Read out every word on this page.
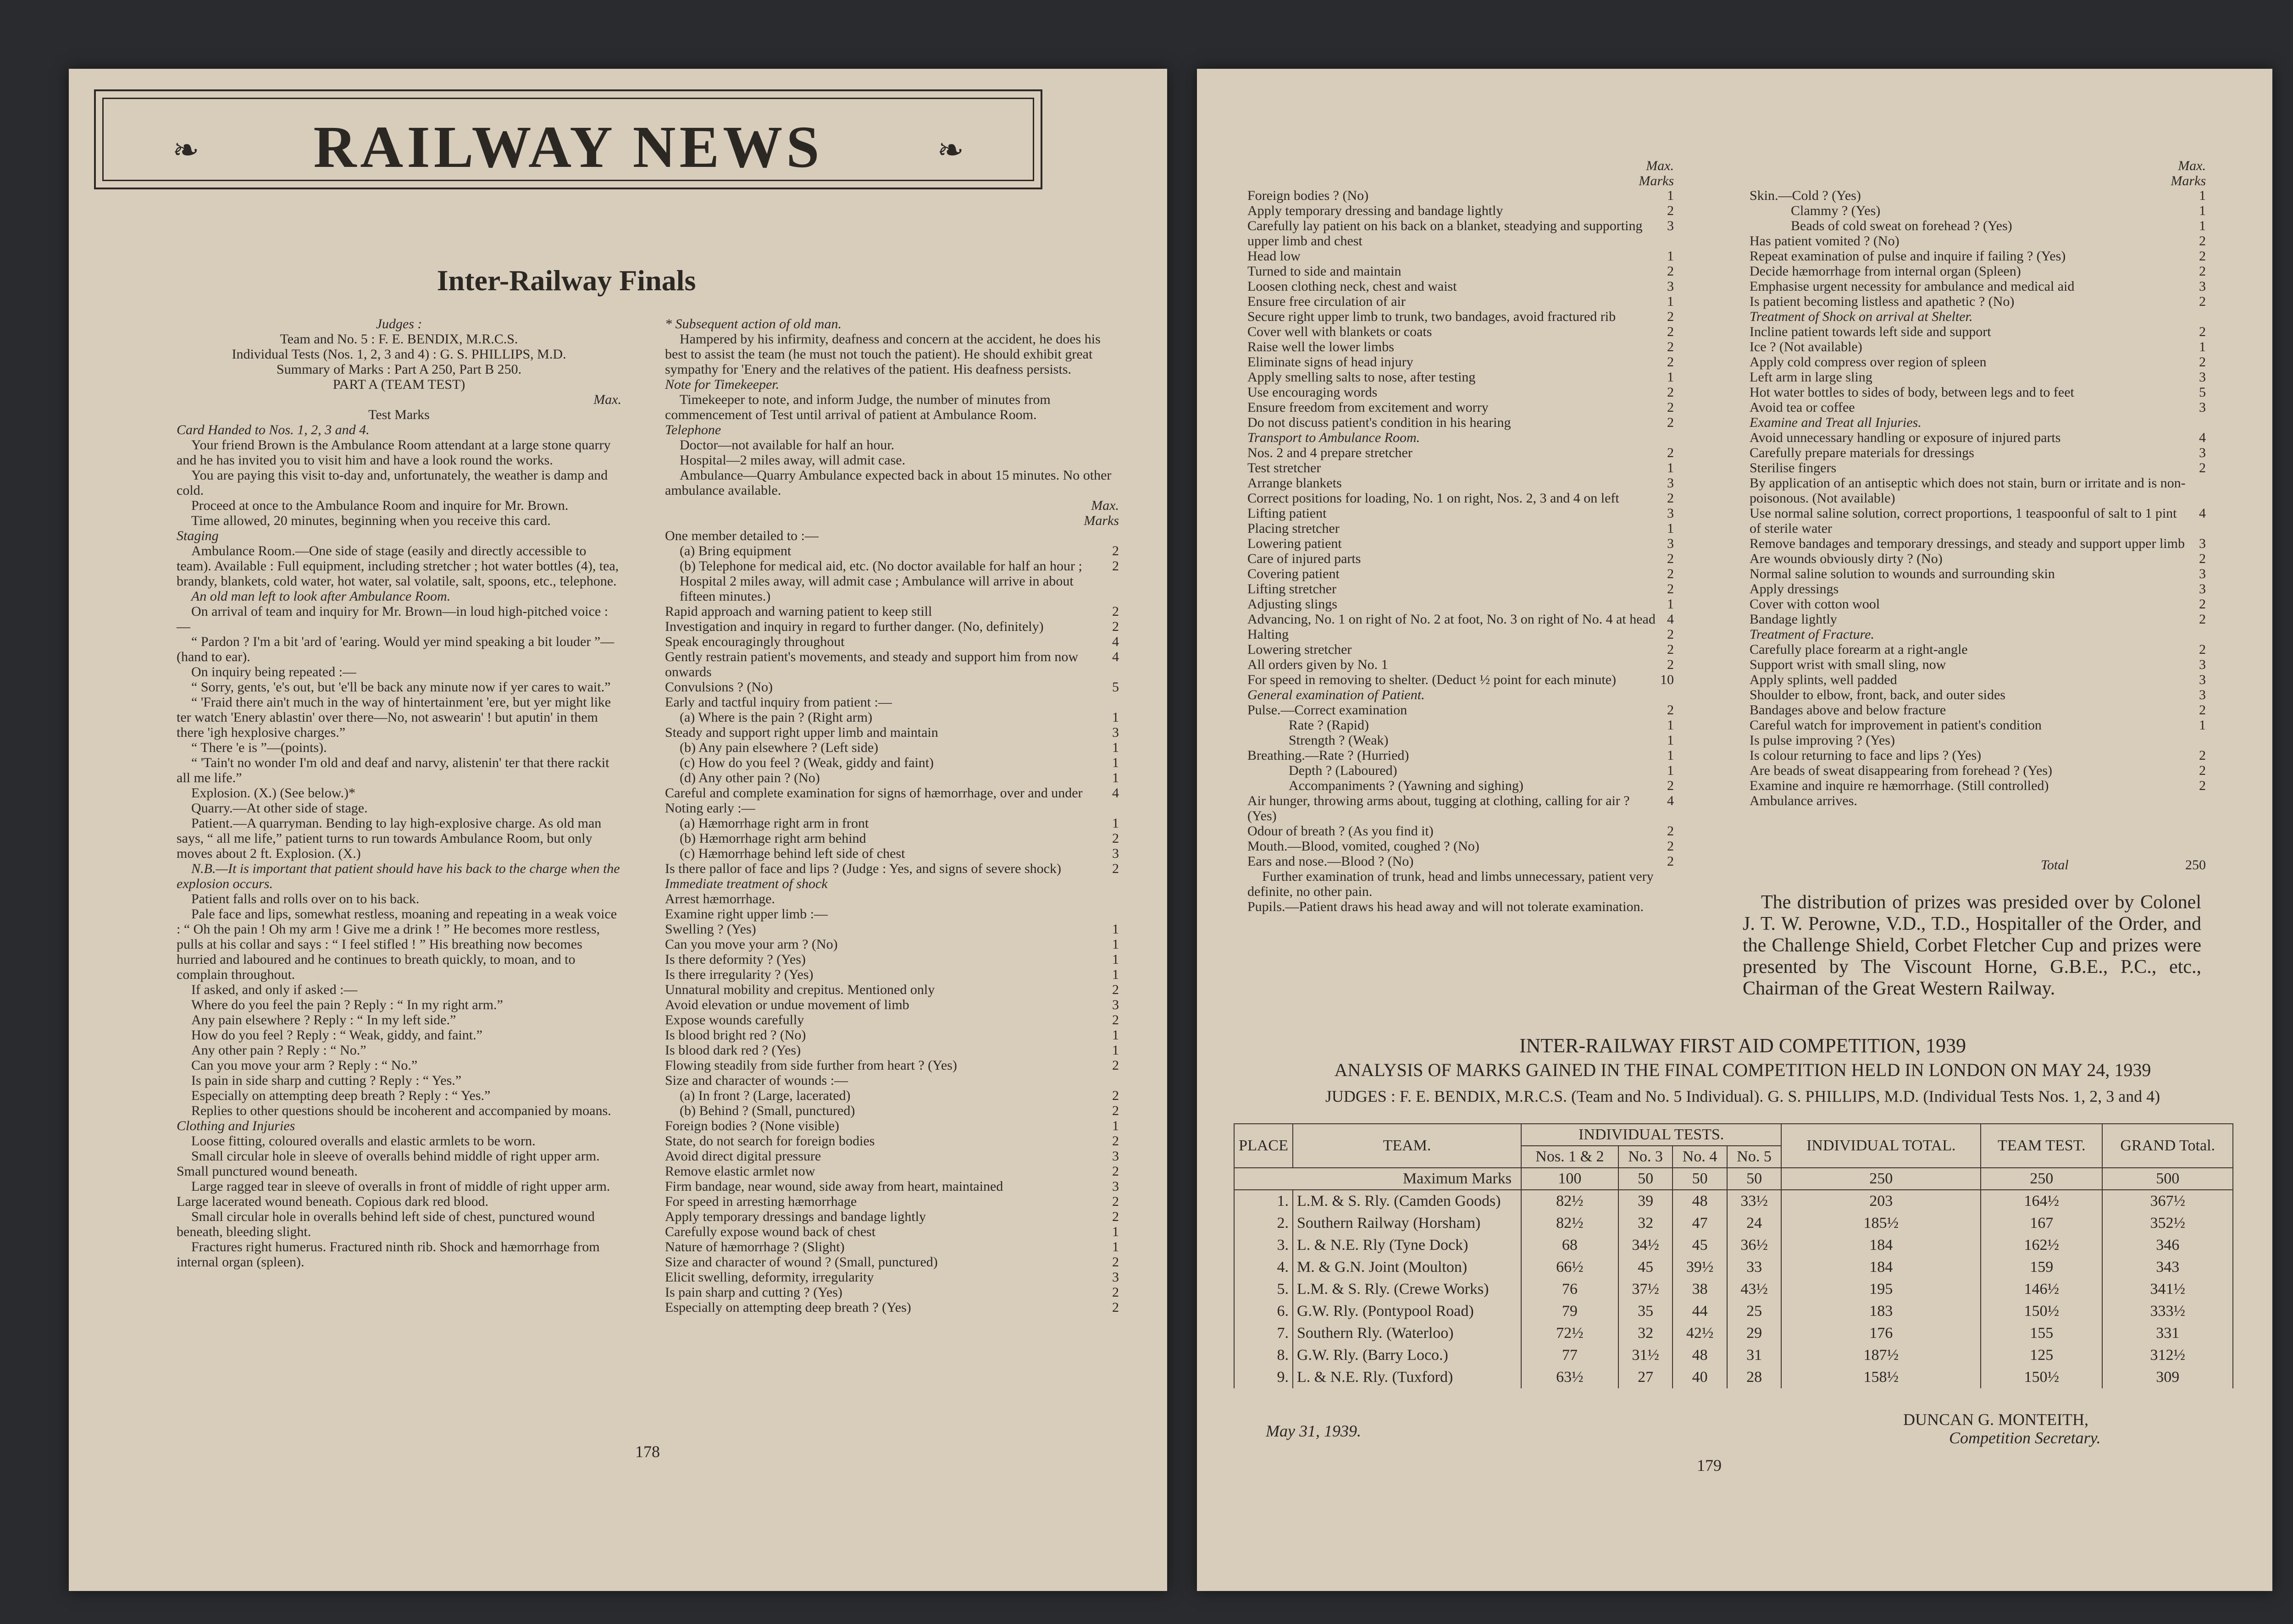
❧	RAILWAY NEWS	❧
Inter-Railway Finals
Judges :
Team and No. 5 : F. E. BENDIX, M.R.C.S.
Individual Tests (Nos. 1, 2, 3 and 4) : G. S. PHILLIPS, M.D.
Summary of Marks : Part A 250, Part B 250.
PART A (TEAM TEST)
Max.
Test Marks
Card Handed to Nos. 1, 2, 3 and 4.
Your friend Brown is the Ambulance Room attendant at a large stone quarry and he has invited you to visit him and have a look round the works.
You are paying this visit to-day and, unfortunately, the weather is damp and cold.
Proceed at once to the Ambulance Room and inquire for Mr. Brown.
Time allowed, 20 minutes, beginning when you receive this card.
Staging
Ambulance Room.—One side of stage (easily and directly accessible to team). Available : Full equipment, including stretcher ; hot water bottles (4), tea, brandy, blankets, cold water, hot water, sal volatile, salt, spoons, etc., telephone.
An old man left to look after Ambulance Room.
On arrival of team and inquiry for Mr. Brown—in loud high-pitched voice :—
“ Pardon ? I'm a bit 'ard of 'earing. Would yer mind speaking a bit louder ”—(hand to ear).
On inquiry being repeated :—
“ Sorry, gents, 'e's out, but 'e'll be back any minute now if yer cares to wait.”
“ 'Fraid there ain't much in the way of hintertainment 'ere, but yer might like ter watch 'Enery ablastin' over there—No, not aswearin' ! but aputin' in them there 'igh hexplosive charges.”
“ There 'e is ”—(points).
“ 'Tain't no wonder I'm old and deaf and narvy, alistenin' ter that there rackit all me life.”
Explosion. (X.) (See below.)*
Quarry.—At other side of stage.
Patient.—A quarryman. Bending to lay high-explosive charge. As old man says, “ all me life,” patient turns to run towards Ambulance Room, but only moves about 2 ft. Explosion. (X.)
N.B.—It is important that patient should have his back to the charge when the explosion occurs.
Patient falls and rolls over on to his back.
Pale face and lips, somewhat restless, moaning and repeating in a weak voice : “ Oh the pain ! Oh my arm ! Give me a drink ! ” He becomes more restless, pulls at his collar and says : “ I feel stifled ! ” His breathing now becomes hurried and laboured and he continues to breath quickly, to moan, and to complain throughout.
If asked, and only if asked :—
Where do you feel the pain ? Reply : “ In my right arm.”
Any pain elsewhere ? Reply : “ In my left side.”
How do you feel ? Reply : “ Weak, giddy, and faint.”
Any other pain ? Reply : “ No.”
Can you move your arm ? Reply : “ No.”
Is pain in side sharp and cutting ? Reply : “ Yes.”
Especially on attempting deep breath ? Reply : “ Yes.”
Replies to other questions should be incoherent and accompanied by moans.
Clothing and Injuries
Loose fitting, coloured overalls and elastic armlets to be worn.
Small circular hole in sleeve of overalls behind middle of right upper arm. Small punctured wound beneath.
Large ragged tear in sleeve of overalls in front of middle of right upper arm. Large lacerated wound beneath. Copious dark red blood.
Small circular hole in overalls behind left side of chest, punctured wound beneath, bleeding slight.
Fractures right humerus. Fractured ninth rib. Shock and hæmorrhage from internal organ (spleen).
* Subsequent action of old man.
Hampered by his infirmity, deafness and concern at the accident, he does his best to assist the team (he must not touch the patient). He should exhibit great sympathy for 'Enery and the relatives of the patient. His deafness persists.
Note for Timekeeper.
Timekeeper to note, and inform Judge, the number of minutes from commencement of Test until arrival of patient at Ambulance Room.
Telephone
Doctor—not available for half an hour.
Hospital—2 miles away, will admit case.
Ambulance—Quarry Ambulance expected back in about 15 minutes. No other ambulance available.
Max.
Marks
One member detailed to :—
(a) Bring equipment	2
(b) Telephone for medical aid, etc. (No doctor available for half an hour ; Hospital 2 miles away, will admit case ; Ambulance will arrive in about fifteen minutes.)
2
Rapid approach and warning patient to keep still	2
Investigation and inquiry in regard to further danger. (No, definitely)	2
Speak encouragingly throughout	4
Gently restrain patient's movements, and steady and support him from now onwards
4
Convulsions ? (No)	5
Early and tactful inquiry from patient :—
(a) Where is the pain ? (Right arm)	1
Steady and support right upper limb and maintain	3
(b) Any pain elsewhere ? (Left side)	1
(c) How do you feel ? (Weak, giddy and faint)	1
(d) Any other pain ? (No)	1
Careful and complete examination for signs of hæmorrhage, over and under	4
Noting early :—
(a) Hæmorrhage right arm in front	1
(b) Hæmorrhage right arm behind	2
(c) Hæmorrhage behind left side of chest	3
Is there pallor of face and lips ? (Judge : Yes, and signs of severe shock)	2
Immediate treatment of shock
Arrest hæmorrhage.
Examine right upper limb :—
Swelling ? (Yes)	1
Can you move your arm ? (No)	1
Is there deformity ? (Yes)	1
Is there irregularity ? (Yes)	1
Unnatural mobility and crepitus. Mentioned only	2
Avoid elevation or undue movement of limb	3
Expose wounds carefully	2
Is blood bright red ? (No)	1
Is blood dark red ? (Yes)	1
Flowing steadily from side further from heart ? (Yes)	2
Size and character of wounds :—
(a) In front ? (Large, lacerated)	2
(b) Behind ? (Small, punctured)	2
Foreign bodies ? (None visible)	1
State, do not search for foreign bodies	2
Avoid direct digital pressure	3
Remove elastic armlet now	2
Firm bandage, near wound, side away from heart, maintained	3
For speed in arresting hæmorrhage	2
Apply temporary dressings and bandage lightly	2
Carefully expose wound back of chest	1
Nature of hæmorrhage ? (Slight)	1
Size and character of wound ? (Small, punctured)	2
Elicit swelling, deformity, irregularity	3
Is pain sharp and cutting ? (Yes)	2
Especially on attempting deep breath ? (Yes)	2
178
Max.
Marks
Foreign bodies ? (No)	1
Apply temporary dressing and bandage lightly	2
Carefully lay patient on his back on a blanket, steadying and supporting upper limb and chest
3
Head low	1
Turned to side and maintain	2
Loosen clothing neck, chest and waist	3
Ensure free circulation of air	1
Secure right upper limb to trunk, two bandages, avoid fractured rib	2
Cover well with blankets or coats	2
Raise well the lower limbs	2
Eliminate signs of head injury	2
Apply smelling salts to nose, after testing	1
Use encouraging words	2
Ensure freedom from excitement and worry	2
Do not discuss patient's condition in his hearing	2
Transport to Ambulance Room.
Nos. 2 and 4 prepare stretcher	2
Test stretcher	1
Arrange blankets	3
Correct positions for loading, No. 1 on right, Nos. 2, 3 and 4 on left	2
Lifting patient	3
Placing stretcher	1
Lowering patient	3
Care of injured parts	2
Covering patient	2
Lifting stretcher	2
Adjusting slings	1
Advancing, No. 1 on right of No. 2 at foot, No. 3 on right of No. 4 at head 4
Halting	2
Lowering stretcher	2
All orders given by No. 1	2
For speed in removing to shelter. (Deduct ½ point for each minute)	10
General examination of Patient.
Pulse.—Correct examination	2
Rate ? (Rapid)	1
Strength ? (Weak)	1
Breathing.—Rate ? (Hurried)	1
Depth ? (Laboured)	1
Accompaniments ? (Yawning and sighing)	2
Air hunger, throwing arms about, tugging at clothing, calling for air ? (Yes)
4
Odour of breath ? (As you find it)	2
Mouth.—Blood, vomited, coughed ? (No)	2
Ears and nose.—Blood ? (No)	2
Further examination of trunk, head and limbs unnecessary, patient very definite, no other pain.
Pupils.—Patient draws his head away and will not tolerate examination.
Max.
Marks
Skin.—Cold ? (Yes)	1
Clammy ? (Yes)	1
Beads of cold sweat on forehead ? (Yes)	1
Has patient vomited ? (No)	2
Repeat examination of pulse and inquire if failing ? (Yes)	2
Decide hæmorrhage from internal organ (Spleen)	2
Emphasise urgent necessity for ambulance and medical aid	3
Is patient becoming listless and apathetic ? (No)	2
Treatment of Shock on arrival at Shelter.
Incline patient towards left side and support	2
Ice ? (Not available)	1
Apply cold compress over region of spleen	2
Left arm in large sling	3
Hot water bottles to sides of body, between legs and to feet	5
Avoid tea or coffee	3
Examine and Treat all Injuries.
Avoid unnecessary handling or exposure of injured parts	4
Carefully prepare materials for dressings	3
Sterilise fingers	2
By application of an antiseptic which does not stain, burn or irritate and is non-poisonous. (Not available)
Use normal saline solution, correct proportions, 1 teaspoonful of salt to 1 pint of sterile water
4
Remove bandages and temporary dressings, and steady and support upper limb	3
Are wounds obviously dirty ? (No)	2
Normal saline solution to wounds and surrounding skin	3
Apply dressings	3
Cover with cotton wool	2
Bandage lightly	2
Treatment of Fracture.
Carefully place forearm at a right-angle	2
Support wrist with small sling, now	3
Apply splints, well padded	3
Shoulder to elbow, front, back, and outer sides	3
Bandages above and below fracture	2
Careful watch for improvement in patient's condition	1
Is pulse improving ? (Yes)
Is colour returning to face and lips ? (Yes)	2
Are beads of sweat disappearing from forehead ? (Yes)	2
Examine and inquire re hæmorrhage. (Still controlled)	2
Ambulance arrives.
Total	250
The distribution of prizes was presided over by Colonel J. T. W. Perowne, V.D., T.D., Hospitaller of the Order, and the Challenge Shield, Corbet Fletcher Cup and prizes were presented by The Viscount Horne, G.B.E., P.C., etc., Chairman of the Great Western Railway.
INTER-RAILWAY FIRST AID COMPETITION, 1939
ANALYSIS OF MARKS GAINED IN THE FINAL COMPETITION HELD IN LONDON ON MAY 24, 1939
JUDGES : F. E. BENDIX, M.R.C.S. (Team and No. 5 Individual). G. S. PHILLIPS, M.D. (Individual Tests Nos. 1, 2, 3 and 4)
PLACE	TEAM.	INDIVIDUAL TESTS.				INDIVIDUAL TOTAL.	TEAM TEST.	GRAND Total.
		Nos. 1 & 2	No. 3	No. 4	No. 5			
Maximum Marks		100	50	50	50	250	250	500
1.	L.M. & S. Rly. (Camden Goods)	82½	39	48	33½	203	164½	367½
2.	Southern Railway (Horsham)	82½	32	47	24	185½	167	352½
3.	L. & N.E. Rly (Tyne Dock)	68	34½	45	36½	184	162½	346
4.	M. & G.N. Joint (Moulton)	66½	45	39½	33	184	159	343
5.	L.M. & S. Rly. (Crewe Works)	76	37½	38	43½	195	146½	341½
6.	G.W. Rly. (Pontypool Road)	79	35	44	25	183	150½	333½
7.	Southern Rly. (Waterloo)	72½	32	42½	29	176	155	331
8.	G.W. Rly. (Barry Loco.)	77	31½	48	31	187½	125	312½
9.	L. & N.E. Rly. (Tuxford)	63½	27	40	28	158½	150½	309
May 31, 1939.
DUNCAN G. MONTEITH,
Competition Secretary.
179
